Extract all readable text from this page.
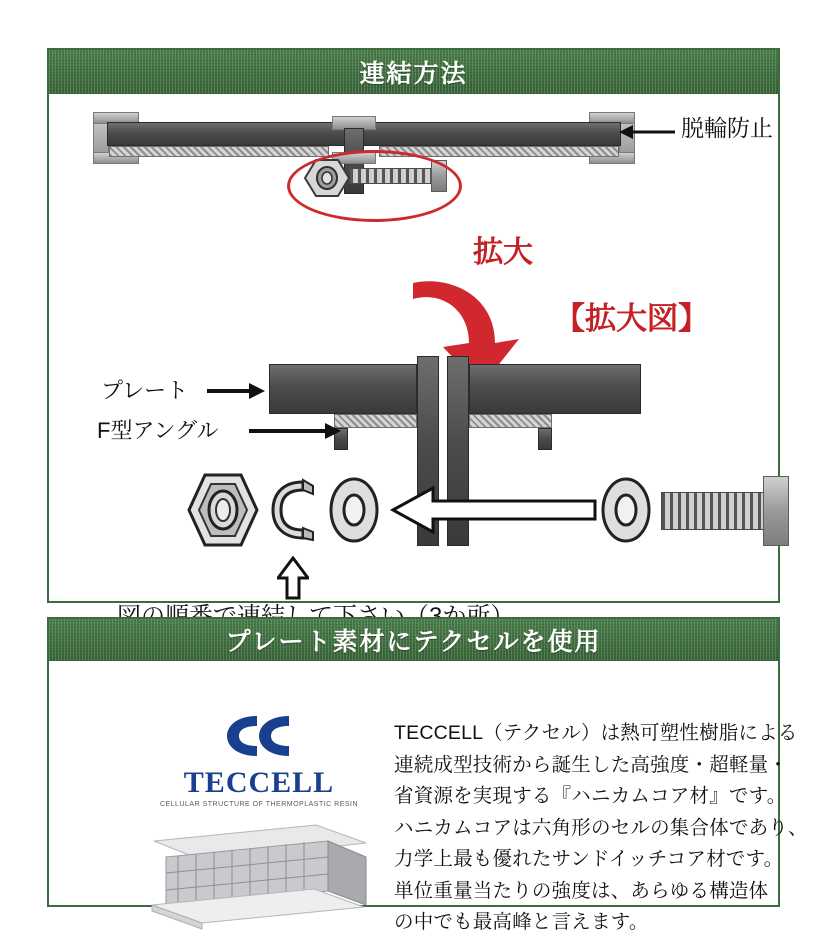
連結方法
脱輪防止
拡大
【拡大図】
プレート
F型アングル
プレート素材にテクセルを使用
TECCELL
CELLULAR STRUCTURE OF THERMOPLASTIC RESIN
TECCELL（テクセル）は熱可塑性樹脂による
連続成型技術から誕生した高強度・超軽量・
省資源を実現する『ハニカムコア材』です。
ハニカムコアは六角形のセルの集合体であり、
力学上最も優れたサンドイッチコア材です。
単位重量当たりの強度は、あらゆる構造体
の中でも最高峰と言えます。
